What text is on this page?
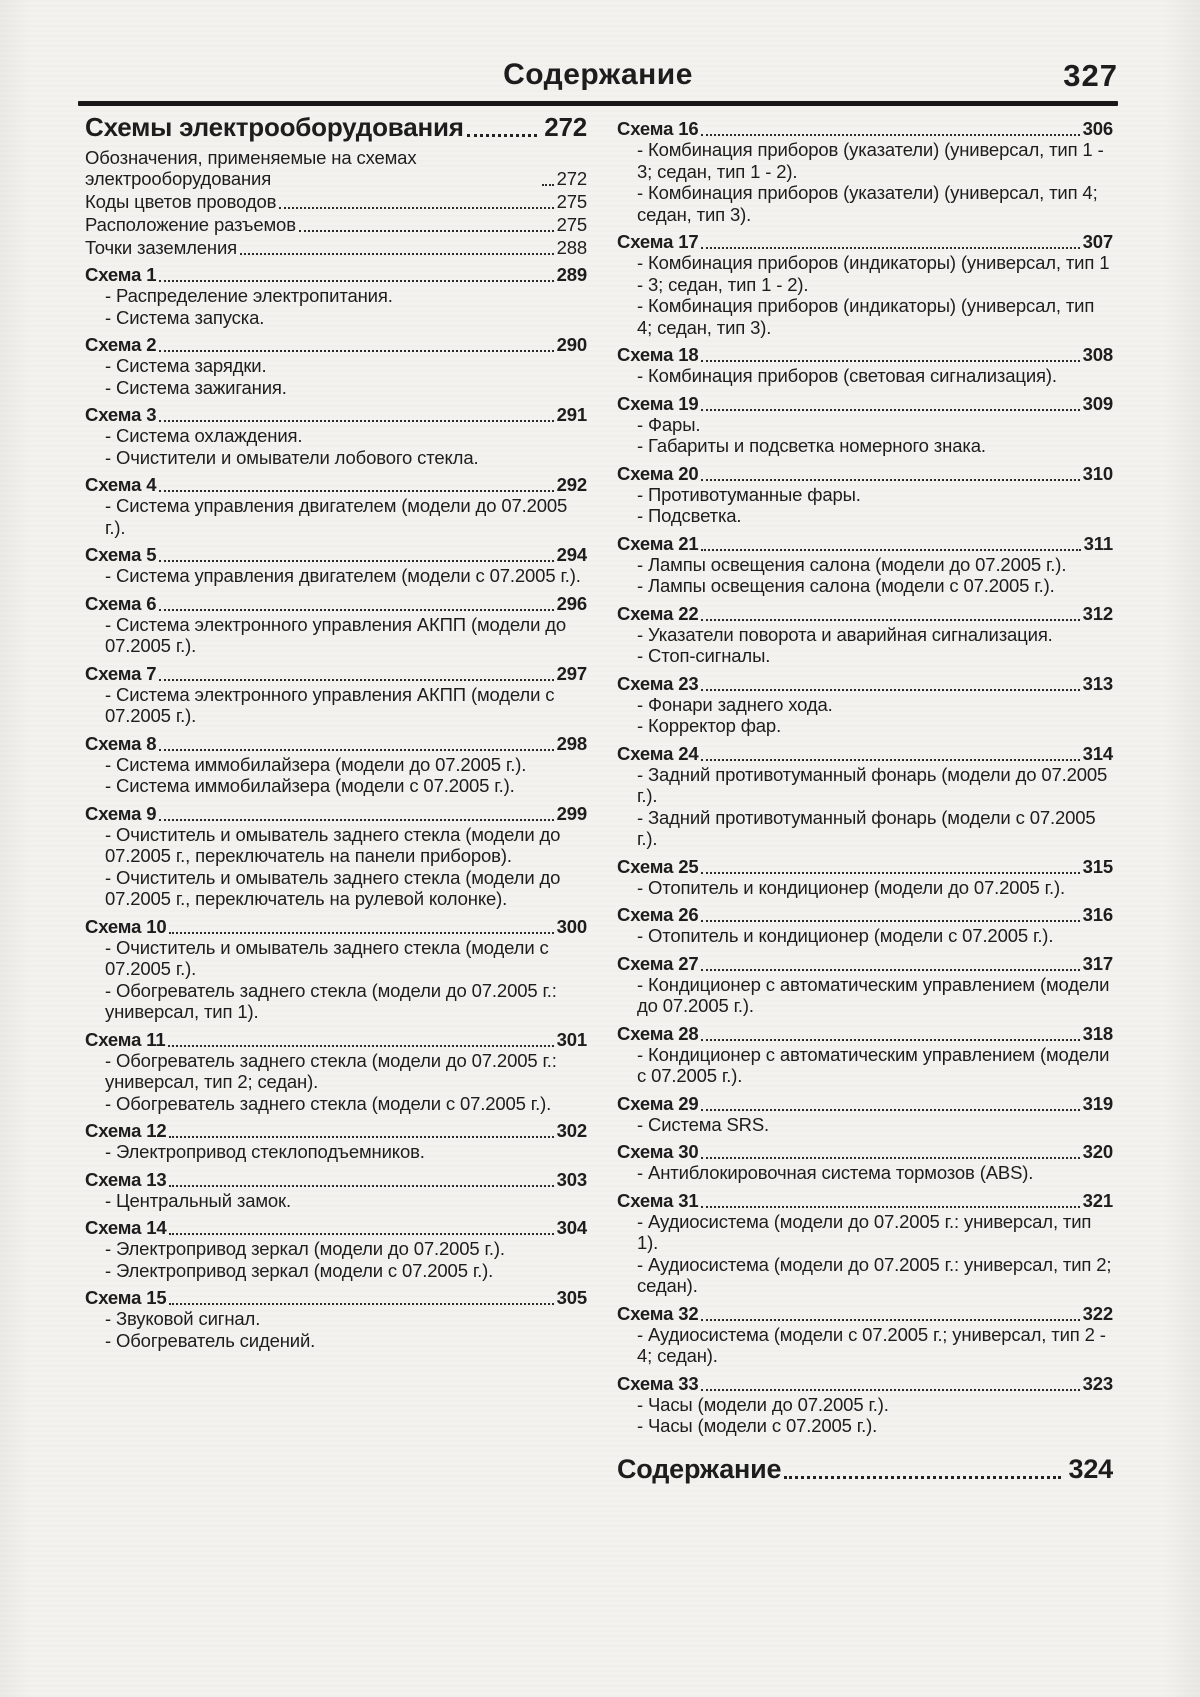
Содержание	327
Схемы электрооборудования	272
Обозначения, применяемые на схемах электрооборудования	272
Коды цветов проводов	275
Расположение разъемов	275
Точки заземления	288
Схема 1	289
- Распределение электропитания.
- Система запуска.
Схема 2	290
- Система зарядки.
- Система зажигания.
Схема 3	291
- Система охлаждения.
- Очистители и омыватели лобового стекла.
Схема 4	292
- Система управления двигателем (модели до 07.2005 г.).
Схема 5	294
- Система управления двигателем (модели с 07.2005 г.).
Схема 6	296
- Система электронного управления АКПП (модели до 07.2005 г.).
Схема 7	297
- Система электронного управления АКПП (модели с 07.2005 г.).
Схема 8	298
- Система иммобилайзера (модели до 07.2005 г.).
- Система иммобилайзера (модели с 07.2005 г.).
Схема 9	299
- Очиститель и омыватель заднего стекла (модели до 07.2005 г., переключатель на панели приборов).
- Очиститель и омыватель заднего стекла (модели до 07.2005 г., переключатель на рулевой колонке).
Схема 10	300
- Очиститель и омыватель заднего стекла (модели с 07.2005 г.).
- Обогреватель заднего стекла (модели до 07.2005 г.: универсал, тип 1).
Схема 11	301
- Обогреватель заднего стекла (модели до 07.2005 г.: универсал, тип 2; седан).
- Обогреватель заднего стекла (модели с 07.2005 г.).
Схема 12	302
- Электропривод стеклоподъемников.
Схема 13	303
- Центральный замок.
Схема 14	304
- Электропривод зеркал (модели до 07.2005 г.).
- Электропривод зеркал (модели с 07.2005 г.).
Схема 15	305
- Звуковой сигнал.
- Обогреватель сидений.
Схема 16	306
- Комбинация приборов (указатели) (универсал, тип 1 - 3; седан, тип 1 - 2).
- Комбинация приборов (указатели) (универсал, тип 4; седан, тип 3).
Схема 17	307
- Комбинация приборов (индикаторы) (универсал, тип 1 - 3; седан, тип 1 - 2).
- Комбинация приборов (индикаторы) (универсал, тип 4; седан, тип 3).
Схема 18	308
- Комбинация приборов (световая сигнализация).
Схема 19	309
- Фары.
- Габариты и подсветка номерного знака.
Схема 20	310
- Противотуманные фары.
- Подсветка.
Схема 21	311
- Лампы освещения салона (модели до 07.2005 г.).
- Лампы освещения салона (модели с 07.2005 г.).
Схема 22	312
- Указатели поворота и аварийная сигнализация.
- Стоп-сигналы.
Схема 23	313
- Фонари заднего хода.
- Корректор фар.
Схема 24	314
- Задний противотуманный фонарь (модели до 07.2005 г.).
- Задний противотуманный фонарь (модели с 07.2005 г.).
Схема 25	315
- Отопитель и кондиционер (модели до 07.2005 г.).
Схема 26	316
- Отопитель и кондиционер (модели с 07.2005 г.).
Схема 27	317
- Кондиционер с автоматическим управлением (модели до 07.2005 г.).
Схема 28	318
- Кондиционер с автоматическим управлением (модели с 07.2005 г.).
Схема 29	319
- Система SRS.
Схема 30	320
- Антиблокировочная система тормозов (ABS).
Схема 31	321
- Аудиосистема (модели до 07.2005 г.: универсал, тип 1).
- Аудиосистема (модели до 07.2005 г.: универсал, тип 2; седан).
Схема 32	322
- Аудиосистема (модели с 07.2005 г.; универсал, тип 2 - 4; седан).
Схема 33	323
- Часы (модели до 07.2005 г.).
- Часы (модели с 07.2005 г.).
Содержание	324
